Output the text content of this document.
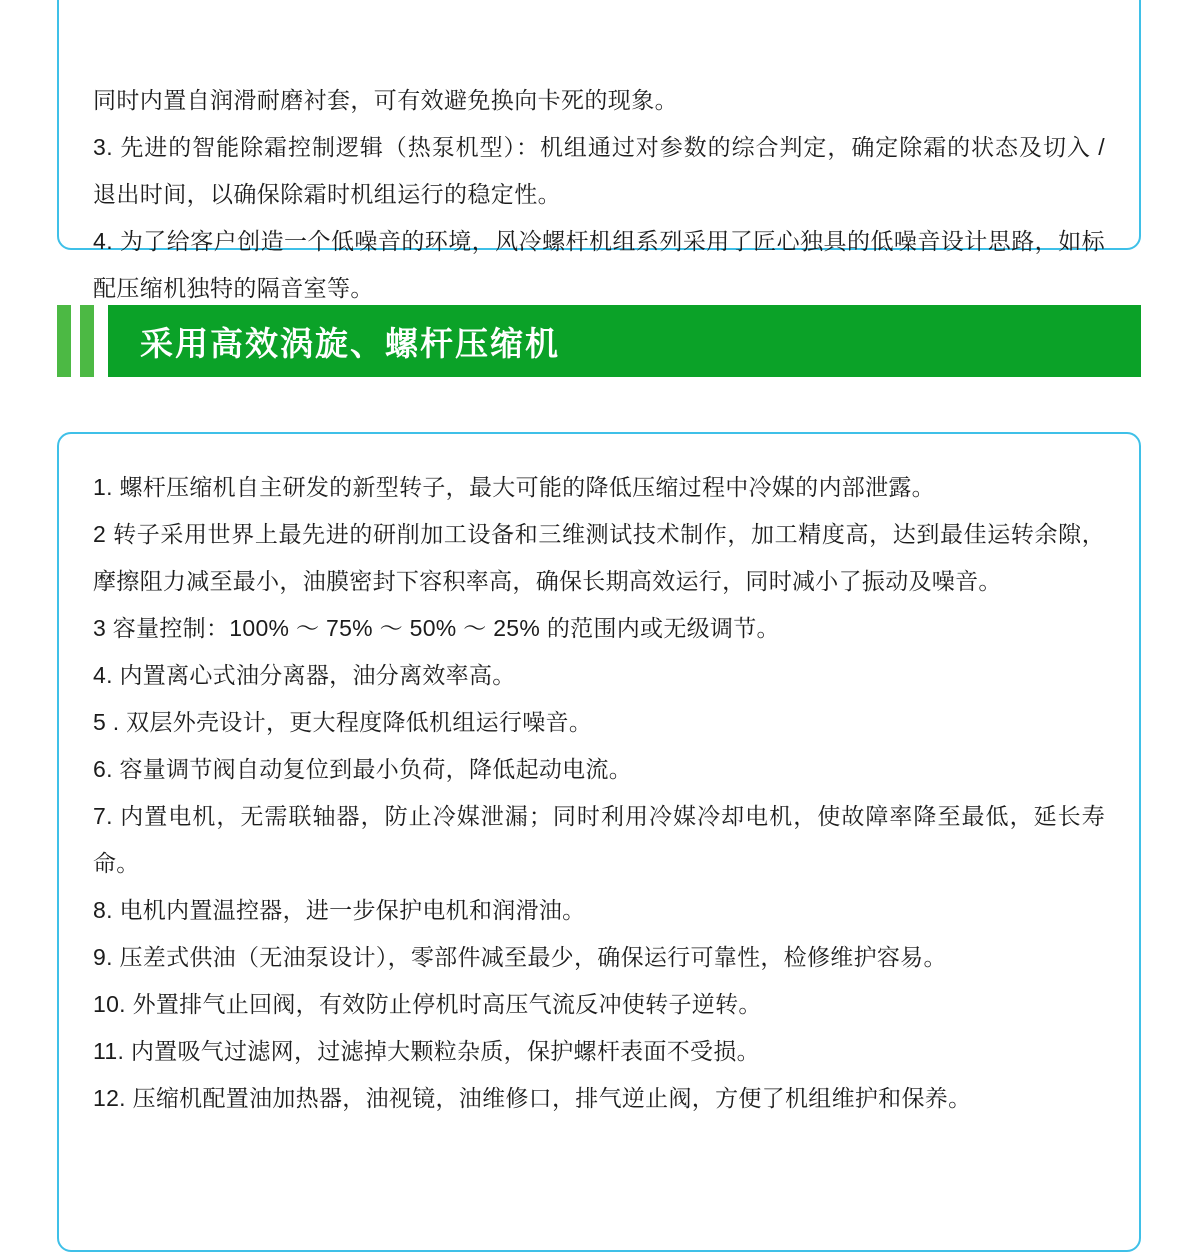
同时内置自润滑耐磨衬套，可有效避免换向卡死的现象。

3. 先进的智能除霜控制逻辑（热泵机型）：机组通过对参数的综合判定，确定除霜的状态及切入 / 退出时间，以确保除霜时机组运行的稳定性。

4. 为了给客户创造一个低噪音的环境，风冷螺杆机组系列采用了匠心独具的低噪音设计思路，如标配压缩机独特的隔音室等。

采用高效涡旋、螺杆压缩机

1. 螺杆压缩机自主研发的新型转子，最大可能的降低压缩过程中冷媒的内部泄露。

2 转子采用世界上最先进的研削加工设备和三维测试技术制作，加工精度高，达到最佳运转余隙，摩擦阻力减至最小，油膜密封下容积率高，确保长期高效运行，同时减小了振动及噪音。

3 容量控制：100% ～ 75% ～ 50% ～ 25% 的范围内或无级调节。

4. 内置离心式油分离器，油分离效率高。

5 . 双层外壳设计，更大程度降低机组运行噪音。

6. 容量调节阀自动复位到最小负荷，降低起动电流。

7. 内置电机，无需联轴器，防止冷媒泄漏；同时利用冷媒冷却电机，使故障率降至最低，延长寿命。

8. 电机内置温控器，进一步保护电机和润滑油。

9. 压差式供油（无油泵设计），零部件减至最少，确保运行可靠性，检修维护容易。

10. 外置排气止回阀，有效防止停机时高压气流反冲使转子逆转。

11. 内置吸气过滤网，过滤掉大颗粒杂质，保护螺杆表面不受损。

12. 压缩机配置油加热器，油视镜，油维修口，排气逆止阀，方便了机组维护和保养。
